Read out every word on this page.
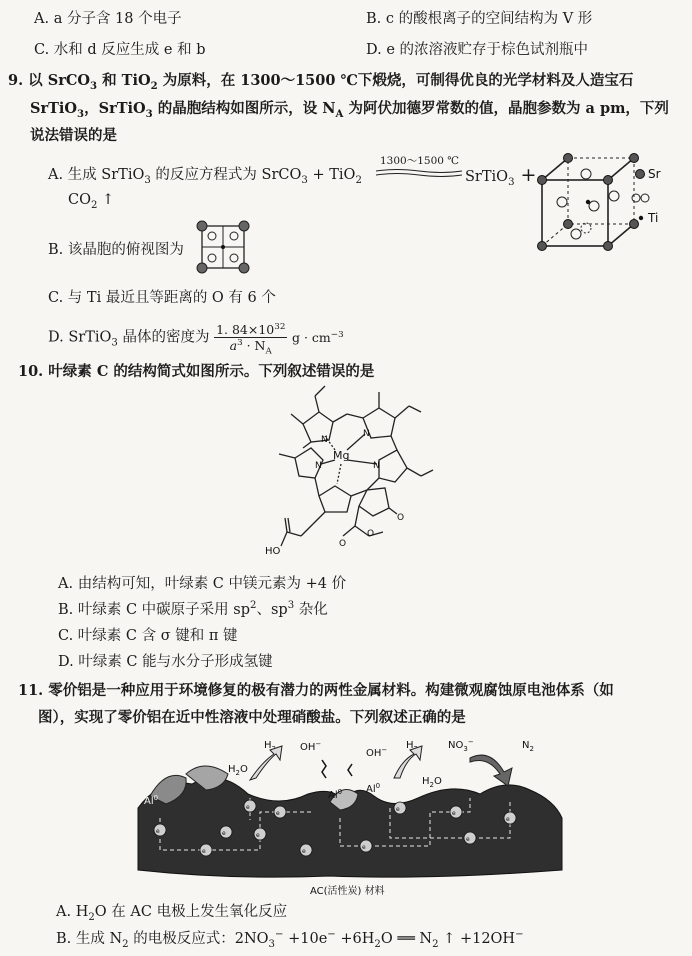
A. a 分子含 18 个电子	B. c 的酸根离子的空间结构为 V 形
C. 水和 d 反应生成 e 和 b	D. e 的浓溶液贮存于棕色试剂瓶中
9. 以 SrCO$_3$ 和 TiO$_2$ 为原料，在 1300～1500 ℃下煅烧，可制得优良的光学材料及人造宝石
SrTiO$_3$，SrTiO$_3$ 的晶胞结构如图所示，设 $N_A$ 为阿伏加德罗常数的值，晶胞参数为 a pm，下列
说法错误的是
A. 生成 SrTiO$_3$ 的反应方程式为 SrCO$_3$ + TiO$_2$
1300～1500 ℃
SrTiO$_3$ +
$CO_2$ ↑
B. 该晶胞的俯视图为
C. 与 Ti 最近且等距离的 O 有 6 个
D. SrTiO$_3$ 晶体的密度为 $\frac{1. 84\times 10^{32}}{a^3 \cdot N_A}$ $g \cdot cm^{-3}$
Sr
Ti
10. 叶绿素 C 的结构简式如图所示。下列叙述错误的是
Mg
N
N
N	N
HO
O
O
O
A. 由结构可知，叶绿素 C 中镁元素为 +4 价
B. 叶绿素 C 中碳原子采用 $sp^2$、$sp^3$ 杂化
C. 叶绿素 C 含 σ 键和 π 键
D. 叶绿素 C 能与水分子形成氢键
11. 零价铝是一种应用于环境修复的极有潜力的两性金属材料。构建微观腐蚀原电池体系（如
图），实现了零价铝在近中性溶液中处理硝酸盐。下列叙述正确的是
e
e
e
e
e
e
e
e
e
e
e
e
Al$^0$	Al$^0$ Al$^0$
$H_2O$
H	OH−
OH− H
$H_2O$
$NO_3^-$	$N_2$
AC(活性炭) 材料
A. $H_2O$ 在 AC 电极上发生氧化反应
B. 生成 $N_2$ 的电极反应式：$2NO_3^- +10e^- +6H_2O$ ══ $N_2$ ↑ +12OH−
